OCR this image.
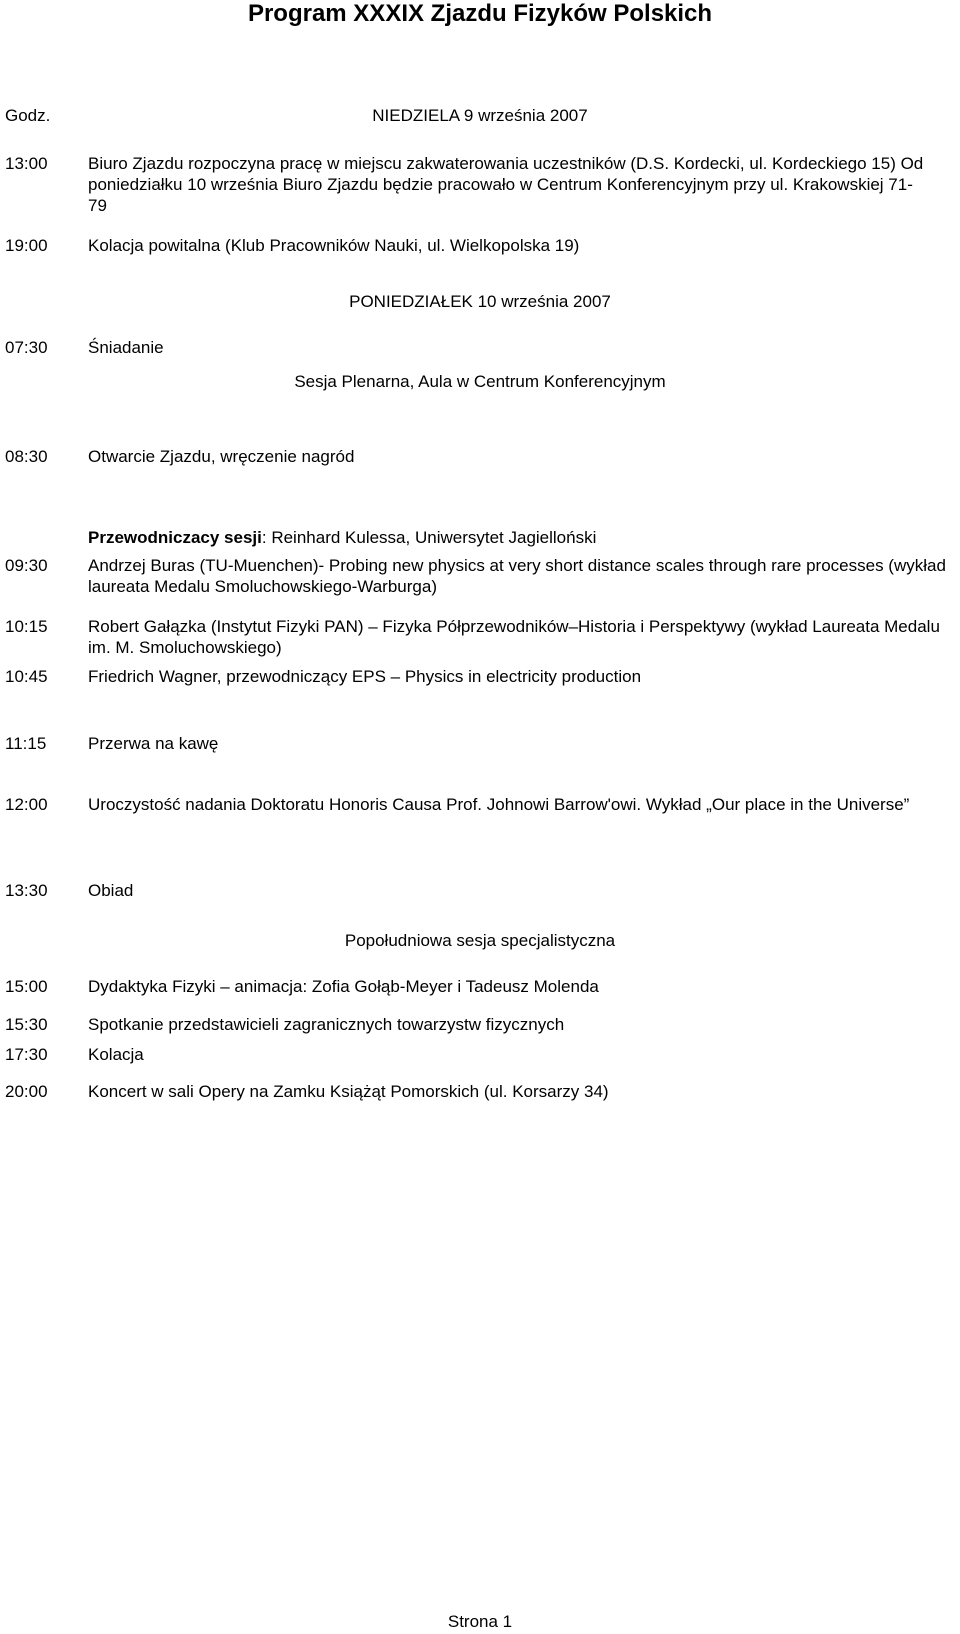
Program XXXIX Zjazdu Fizyków Polskich
Godz.	NIEDZIELA 9 września 2007
13:00 Biuro Zjazdu rozpoczyna pracę w miejscu zakwaterowania uczestników (D.S. Kordecki, ul. Kordeckiego 15) Od poniedziałku 10 września Biuro Zjazdu będzie pracowało w Centrum Konferencyjnym przy ul. Krakowskiej 71-79
19:00 Kolacja powitalna (Klub Pracowników Nauki, ul. Wielkopolska 19)
PONIEDZIAŁEK 10 września 2007
07:30 Śniadanie
Sesja Plenarna, Aula w Centrum Konferencyjnym
08:30 Otwarcie Zjazdu, wręczenie nagród
Przewodniczacy sesji: Reinhard Kulessa, Uniwersytet Jagielloński
09:30 Andrzej Buras (TU-Muenchen)- Probing new physics at very short distance scales through rare processes (wykład laureata Medalu Smoluchowskiego-Warburga)
10:15 Robert Gałązka (Instytut Fizyki PAN) – Fizyka Półprzewodników–Historia i Perspektywy (wykład Laureata Medalu im. M. Smoluchowskiego)
10:45 Friedrich Wagner, przewodniczący EPS – Physics in electricity production
11:15 Przerwa na kawę
12:00 Uroczystość nadania Doktoratu Honoris Causa Prof. Johnowi Barrow'owi. Wykład „Our place in the Universe”
13:30 Obiad
Popołudniowa sesja specjalistyczna
15:00 Dydaktyka Fizyki – animacja: Zofia Gołąb-Meyer i Tadeusz Molenda
15:30 Spotkanie przedstawicieli zagranicznych towarzystw fizycznych
17:30 Kolacja
20:00 Koncert w sali Opery na Zamku Książąt Pomorskich (ul. Korsarzy 34)
Strona 1
